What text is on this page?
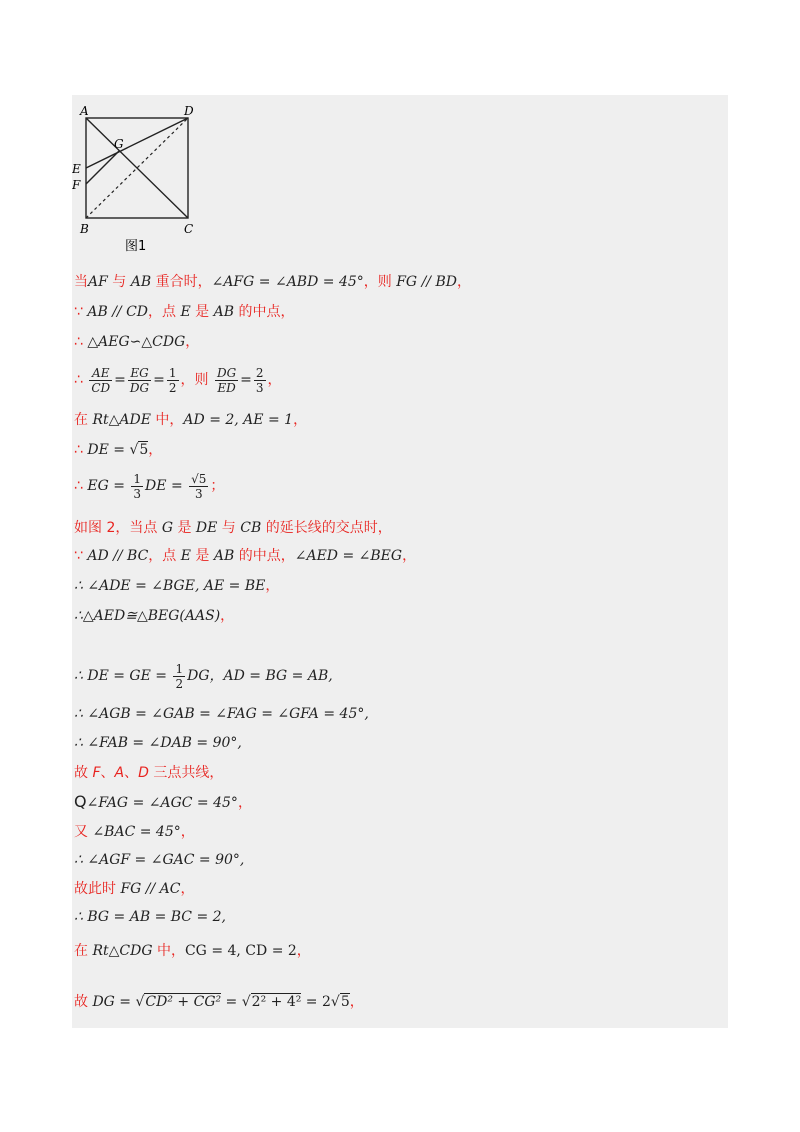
A	D
G
E
F
B	C
图1
当AF 与 AB 重合时，∠AFG = ∠ABD = 45°，则 FG // BD，
∵ AB // CD，点 E 是 AB 的中点，
∴ △AEG∽△CDG，
∴ $\frac{AE}{CD} = \frac{EG}{DG} = \frac{1}{2}$ ，则 $\frac{DG}{ED} = \frac{2}{3}$ ，
在 Rt△ADE 中，AD = 2, AE = 1，
∴ DE = √5，
∴ EG = $\frac{1}{3}$ DE = $\frac{√5}{3}$ ；
如图 2，当点 G 是 DE 与 CB 的延长线的交点时，
∵ AD // BC，点 E 是 AB 的中点，∠AED = ∠BEG，
∴ ∠ADE = ∠BGE, AE = BE，
∴△AED≅△BEG(AAS)，
∴ DE = GE = $\frac{1}{2}$ DG，AD = BG = AB,
∴ ∠AGB = ∠GAB = ∠FAG = ∠GFA = 45°,
∴ ∠FAB = ∠DAB = 90°,
故 F、A、D 三点共线，
Q∠FAG = ∠AGC = 45°，
又 ∠BAC = 45°，
∴ ∠AGF = ∠GAC = 90°,
故此时 FG // AC，
∴ BG = AB = BC = 2,
在 Rt△CDG 中，CG = 4, CD = 2，
故 DG = √CD² + CG² = √2² + 4² = 2√5，
